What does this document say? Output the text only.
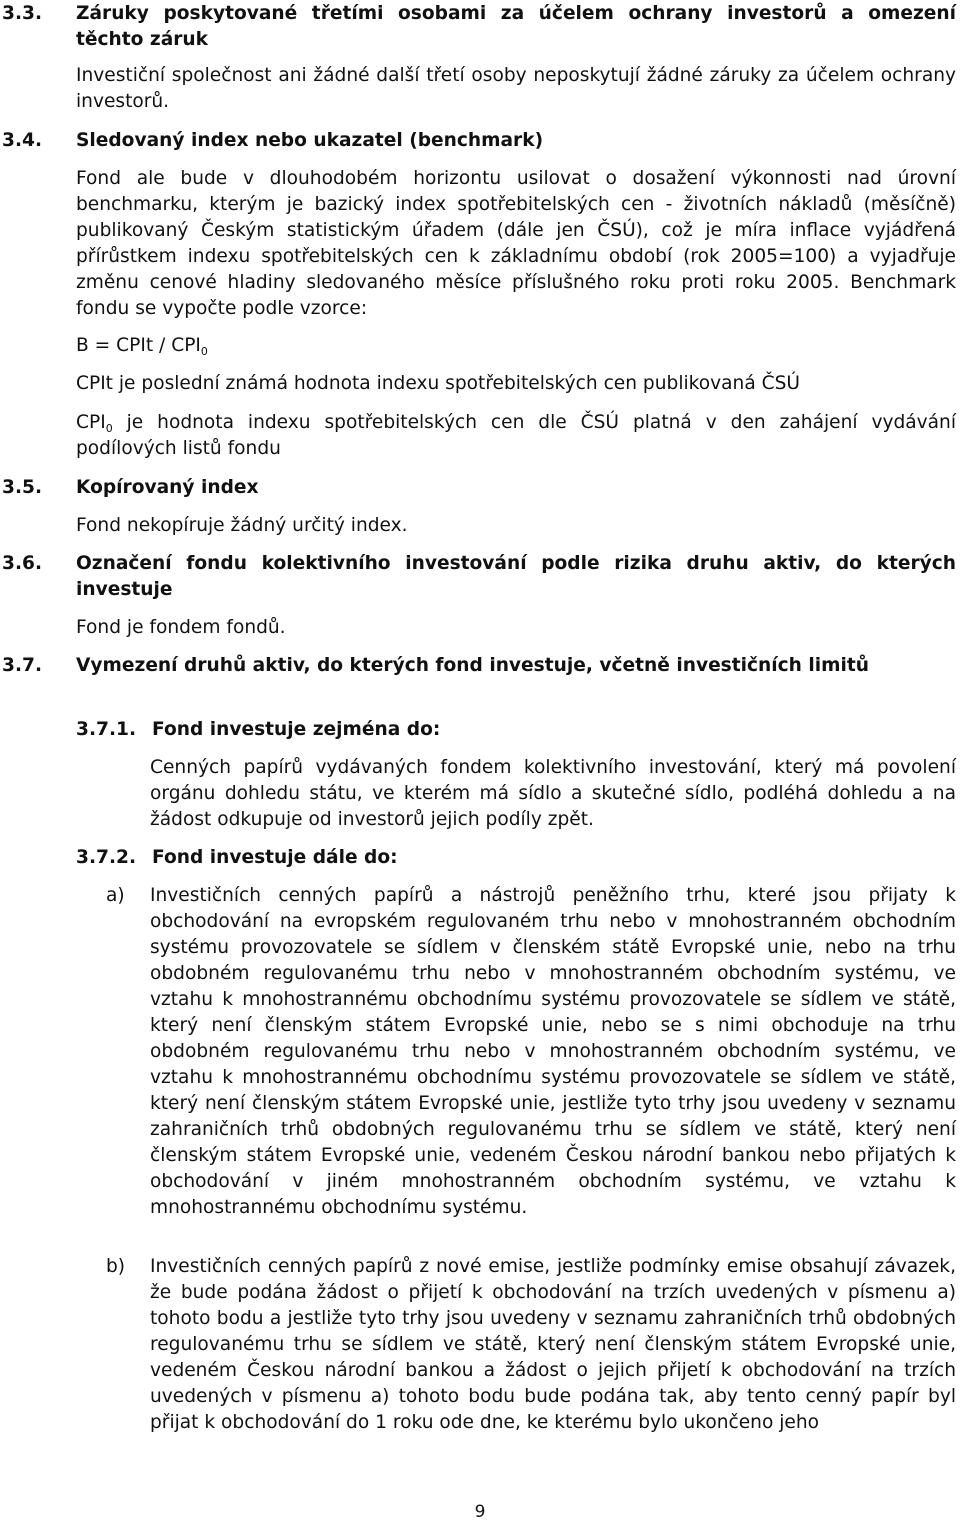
3.3. Záruky poskytované třetími osobami za účelem ochrany investorů a omezení těchto záruk
Investiční společnost ani žádné další třetí osoby neposkytují žádné záruky za účelem ochrany investorů.
3.4. Sledovaný index nebo ukazatel (benchmark)
Fond ale bude v dlouhodobém horizontu usilovat o dosažení výkonnosti nad úrovní benchmarku, kterým je bazický index spotřebitelských cen - životních nákladů (měsíčně) publikovaný Českým statistickým úřadem (dále jen ČSÚ), což je míra inflace vyjádřená přírůstkem indexu spotřebitelských cen k základnímu období (rok 2005=100) a vyjadřuje změnu cenové hladiny sledovaného měsíce příslušného roku proti roku 2005. Benchmark fondu se vypočte podle vzorce:
B = CPIt / $CPI_0$
CPIt je poslední známá hodnota indexu spotřebitelských cen publikovaná ČSÚ
$CPI_0$ je hodnota indexu spotřebitelských cen dle ČSÚ platná v den zahájení vydávání podílových listů fondu
3.5. Kopírovaný index
Fond nekopíruje žádný určitý index.
3.6. Označení fondu kolektivního investování podle rizika druhu aktiv, do kterých investuje
Fond je fondem fondů.
3.7. Vymezení druhů aktiv, do kterých fond investuje, včetně investičních limitů
3.7.1. Fond investuje zejména do:
Cenných papírů vydávaných fondem kolektivního investování, který má povolení orgánu dohledu státu, ve kterém má sídlo a skutečné sídlo, podléhá dohledu a na žádost odkupuje od investorů jejich podíly zpět.
3.7.2. Fond investuje dále do:
a) Investičních cenných papírů a nástrojů peněžního trhu, které jsou přijaty k obchodování na evropském regulovaném trhu nebo v mnohostranném obchodním systému provozovatele se sídlem v členském státě Evropské unie, nebo na trhu obdobném regulovanému trhu nebo v mnohostranném obchodním systému, ve vztahu k mnohostrannému obchodnímu systému provozovatele se sídlem ve státě, který není členským státem Evropské unie, nebo se s nimi obchoduje na trhu obdobném regulovanému trhu nebo v mnohostranném obchodním systému, ve vztahu k mnohostrannému obchodnímu systému provozovatele se sídlem ve státě, který není členským státem Evropské unie, jestliže tyto trhy jsou uvedeny v seznamu zahraničních trhů obdobných regulovanému trhu se sídlem ve státě, který není členským státem Evropské unie, vedeném Českou národní bankou nebo přijatých k obchodování v jiném mnohostranném obchodním systému, ve vztahu k mnohostrannému obchodnímu systému.
b) Investičních cenných papírů z nové emise, jestliže podmínky emise obsahují závazek, že bude podána žádost o přijetí k obchodování na trzích uvedených v písmenu a) tohoto bodu a jestliže tyto trhy jsou uvedeny v seznamu zahraničních trhů obdobných regulovanému trhu se sídlem ve státě, který není členským státem Evropské unie, vedeném Českou národní bankou a žádost o jejich přijetí k obchodování na trzích uvedených v písmenu a) tohoto bodu bude podána tak, aby tento cenný papír byl přijat k obchodování do 1 roku ode dne, ke kterému bylo ukončeno jeho
9
